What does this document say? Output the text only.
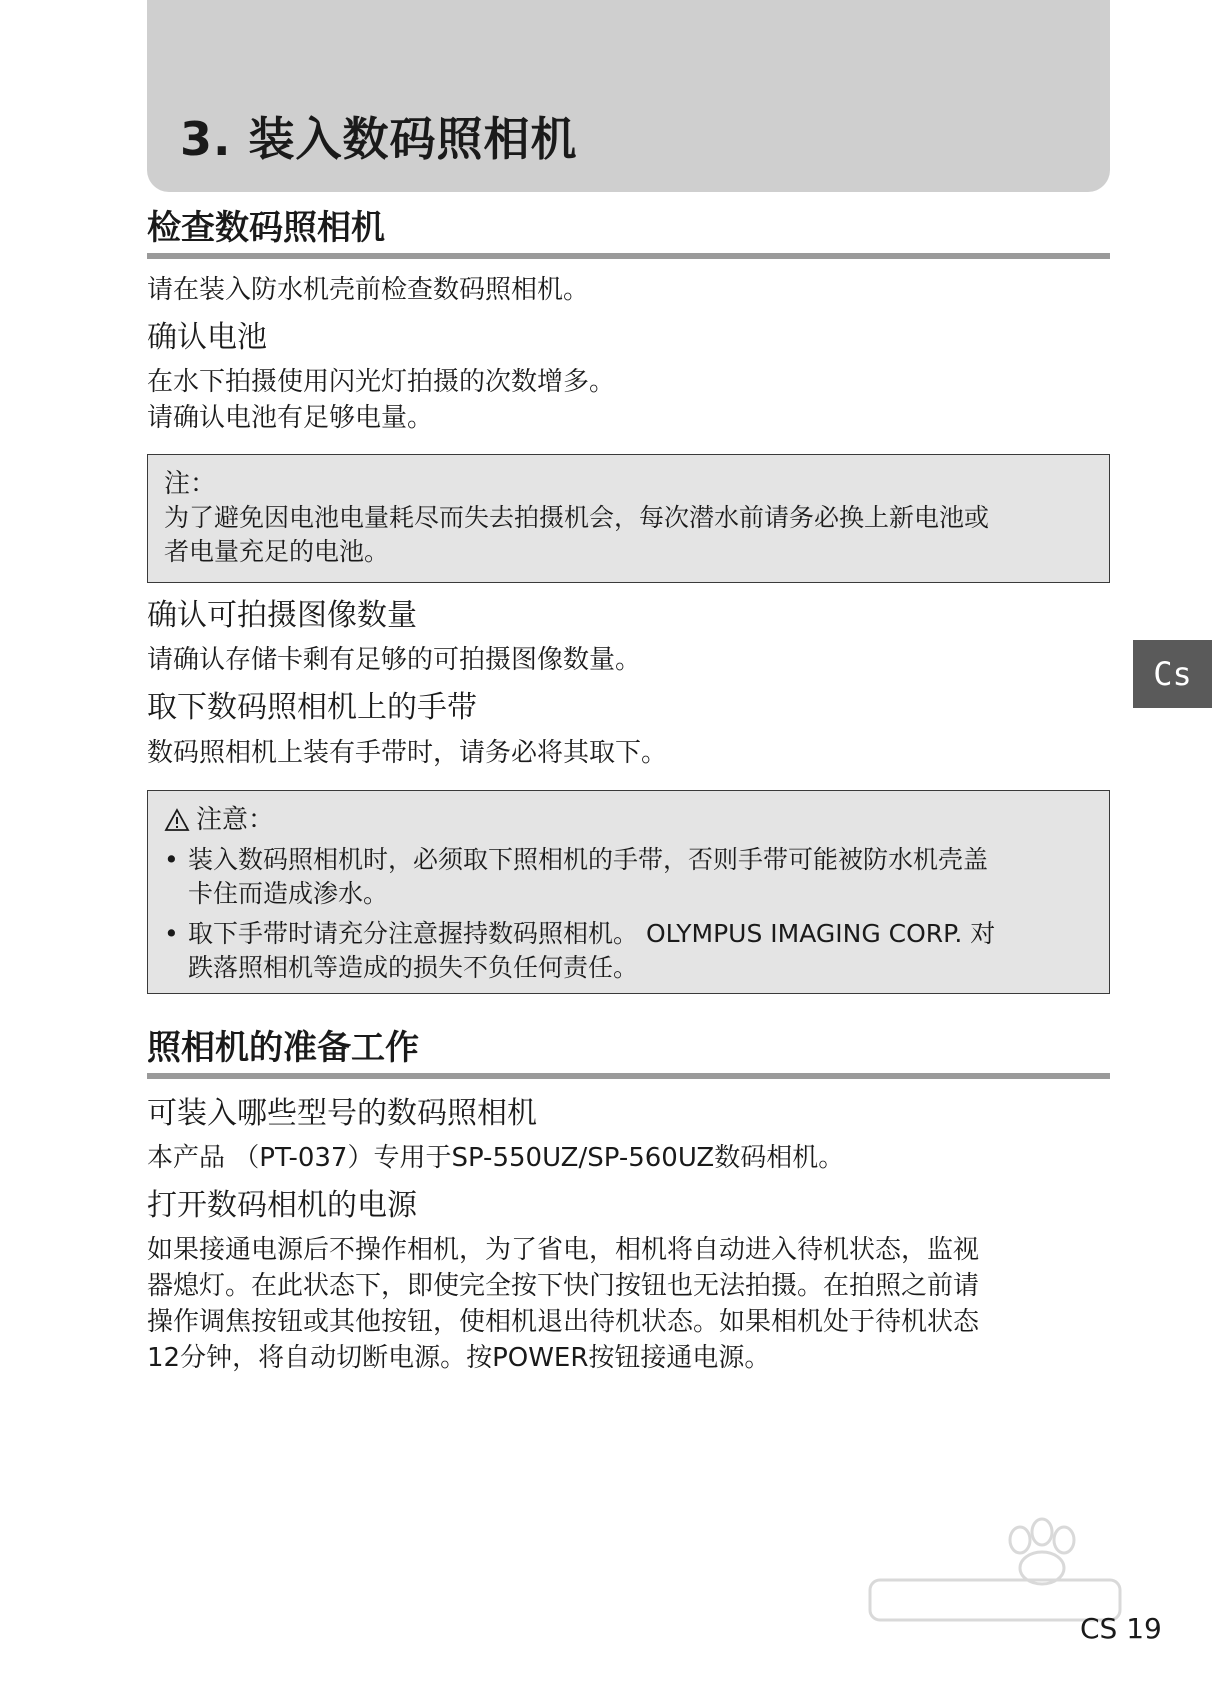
3. 装入数码照相机
检查数码照相机
请在装入防水机壳前检查数码照相机。
确认电池
在水下拍摄使用闪光灯拍摄的次数增多。
请确认电池有足够电量。
注：
为了避免因电池电量耗尽而失去拍摄机会，每次潜水前请务必换上新电池或
者电量充足的电池。
确认可拍摄图像数量
请确认存储卡剩有足够的可拍摄图像数量。
取下数码照相机上的手带
数码照相机上装有手带时，请务必将其取下。
注意：
• 装入数码照相机时，必须取下照相机的手带，否则手带可能被防水机壳盖
卡住而造成渗水。
• 取下手带时请充分注意握持数码照相机。 OLYMPUS IMAGING CORP. 对
跌落照相机等造成的损失不负任何责任。
照相机的准备工作
可装入哪些型号的数码照相机
本产品 （PT-037）专用于SP-550UZ/SP-560UZ数码相机。
打开数码相机的电源
如果接通电源后不操作相机，为了省电，相机将自动进入待机状态，监视
器熄灯。在此状态下，即使完全按下快门按钮也无法拍摄。在拍照之前请
操作调焦按钮或其他按钮，使相机退出待机状态。如果相机处于待机状态
12分钟，将自动切断电源。按POWER按钮接通电源。
Cs
CS 19
